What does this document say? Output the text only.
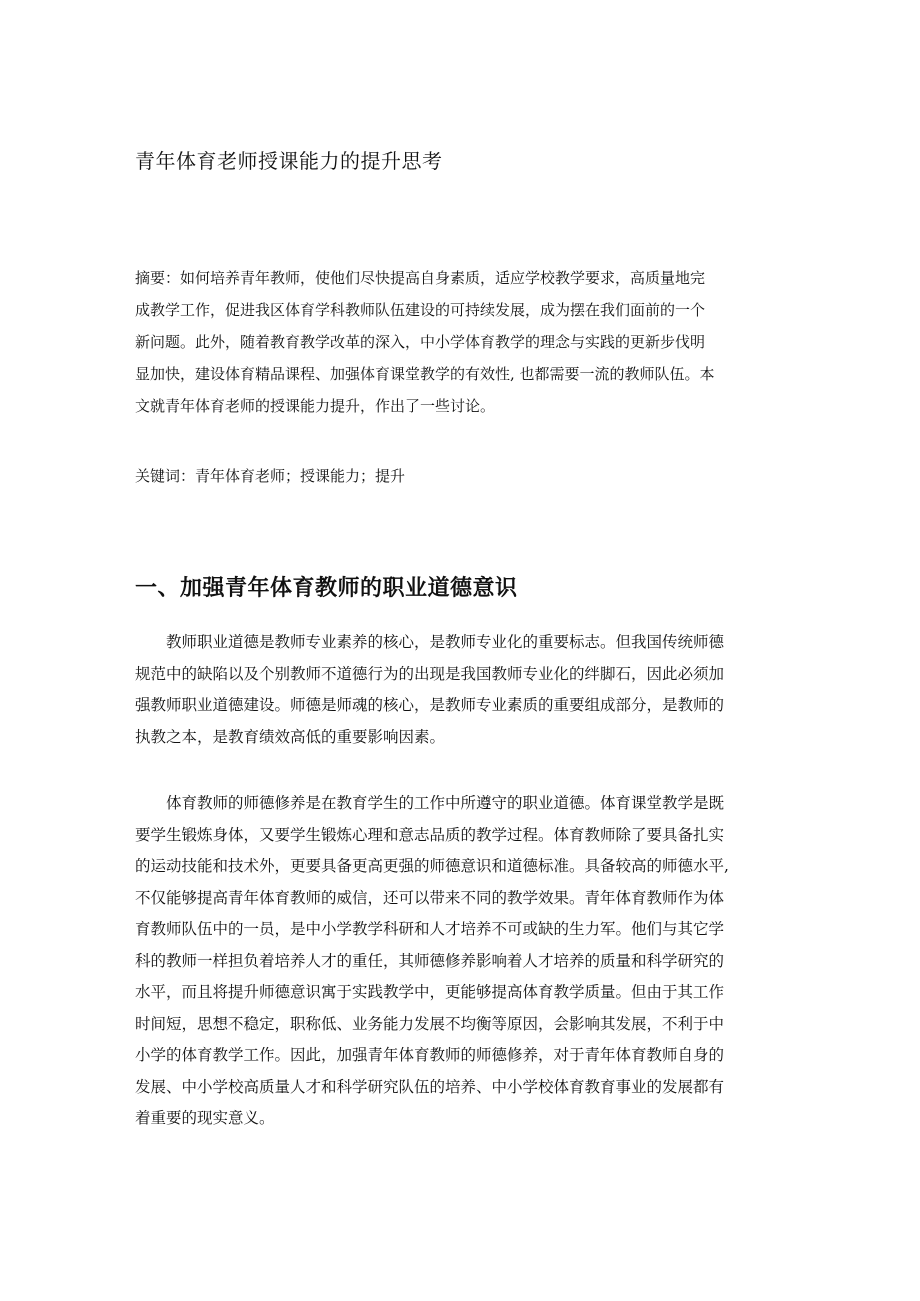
青年体育老师授课能力的提升思考
摘要：如何培养青年教师，使他们尽快提高自身素质，适应学校教学要求，高质量地完
成教学工作，促进我区体育学科教师队伍建设的可持续发展，成为摆在我们面前的一个
新问题。此外，随着教育教学改革的深入，中小学体育教学的理念与实践的更新步伐明
显加快，建设体育精品课程、加强体育课堂教学的有效性, 也都需要一流的教师队伍。本
文就青年体育老师的授课能力提升，作出了一些讨论。
关键词：青年体育老师；授课能力；提升
一、加强青年体育教师的职业道德意识
　　教师职业道德是教师专业素养的核心，是教师专业化的重要标志。但我国传统师德
规范中的缺陷以及个别教师不道德行为的出现是我国教师专业化的绊脚石，因此必须加
强教师职业道德建设。师德是师魂的核心，是教师专业素质的重要组成部分，是教师的
执教之本，是教育绩效高低的重要影响因素。
　　体育教师的师德修养是在教育学生的工作中所遵守的职业道德。体育课堂教学是既
要学生锻炼身体，又要学生锻炼心理和意志品质的教学过程。体育教师除了要具备扎实
的运动技能和技术外，更要具备更高更强的师德意识和道德标准。具备较高的师德水平,
不仅能够提高青年体育教师的威信，还可以带来不同的教学效果。青年体育教师作为体
育教师队伍中的一员，是中小学教学科研和人才培养不可或缺的生力军。他们与其它学
科的教师一样担负着培养人才的重任，其师德修养影响着人才培养的质量和科学研究的
水平，而且将提升师德意识寓于实践教学中，更能够提高体育教学质量。但由于其工作
时间短，思想不稳定，职称低、业务能力发展不均衡等原因，会影响其发展，不利于中
小学的体育教学工作。因此，加强青年体育教师的师德修养，对于青年体育教师自身的
发展、中小学校高质量人才和科学研究队伍的培养、中小学校体育教育事业的发展都有
着重要的现实意义。
